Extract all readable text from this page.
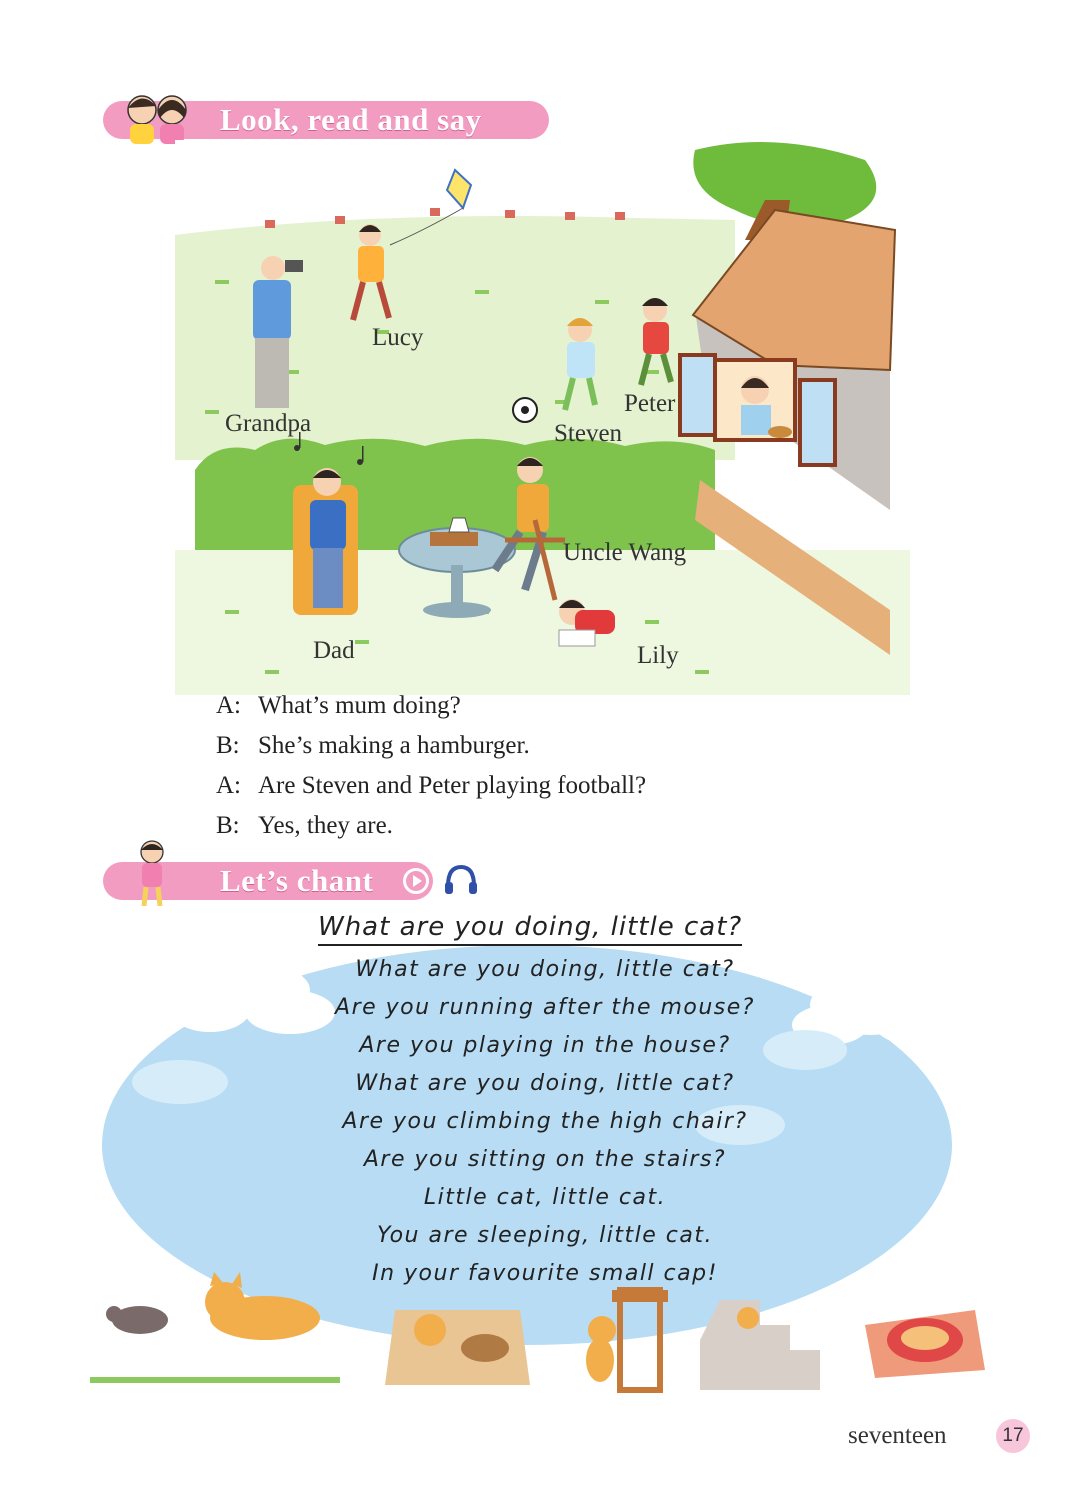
Look, read and say
Lucy
Grandpa
Peter
Steven
Uncle Wang
Dad	Lily
A: What’s mum doing?
B: She’s making a hamburger.
A: Are Steven and Peter playing football?
B: Yes, they are.
Let’s chant
What are you doing, little cat?
What are you doing, little cat?
Are you running after the mouse?
Are you playing in the house?
What are you doing, little cat?
Are you climbing the high chair?
Are you sitting on the stairs?
Little cat, little cat.
You are sleeping, little cat.
In your favourite small cap!
seventeen	17
